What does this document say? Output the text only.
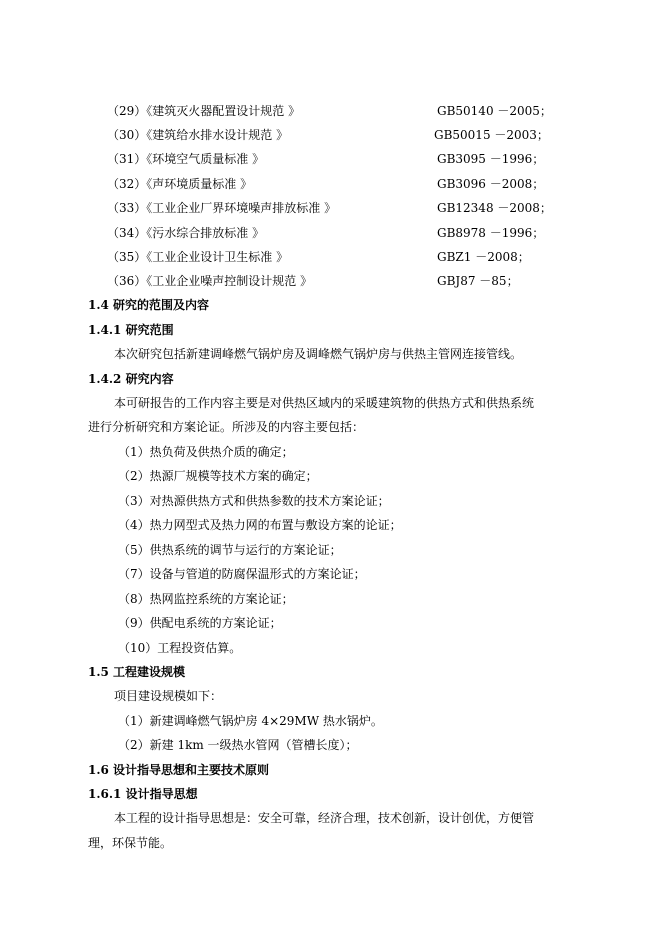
（29）《建筑灭火器配置设计规范 》	GB50140 －2005；
（30）《建筑给水排水设计规范 》	GB50015 －2003；
（31）《环境空气质量标准 》	GB3095 －1996；
（32）《声环境质量标准 》	GB3096 －2008；
（33）《工业企业厂界环境噪声排放标准 》	GB12348 －2008；
（34）《污水综合排放标准 》	GB8978 －1996；
（35）《工业企业设计卫生标准 》	GBZ1 －2008；
（36）《工业企业噪声控制设计规范 》	GBJ87 －85；
1.4 研究的范围及内容
1.4.1 研究范围
本次研究包括新建调峰燃气锅炉房及调峰燃气锅炉房与供热主管网连接管线。
1.4.2 研究内容
本可研报告的工作内容主要是对供热区域内的采暖建筑物的供热方式和供热系统
进行分析研究和方案论证。所涉及的内容主要包括：
（1）热负荷及供热介质的确定；
（2）热源厂规模等技术方案的确定；
（3）对热源供热方式和供热参数的技术方案论证；
（4）热力网型式及热力网的布置与敷设方案的论证；
（5）供热系统的调节与运行的方案论证；
（7）设备与管道的防腐保温形式的方案论证；
（8）热网监控系统的方案论证；
（9）供配电系统的方案论证；
（10）工程投资估算。
1.5 工程建设规模
项目建设规模如下：
（1）新建调峰燃气锅炉房 4×29MW 热水锅炉。
（2）新建 1km 一级热水管网（管槽长度）；
1.6 设计指导思想和主要技术原则
1.6.1 设计指导思想
本工程的设计指导思想是：安全可靠，经济合理，技术创新，设计创优，方便管
理，环保节能。
